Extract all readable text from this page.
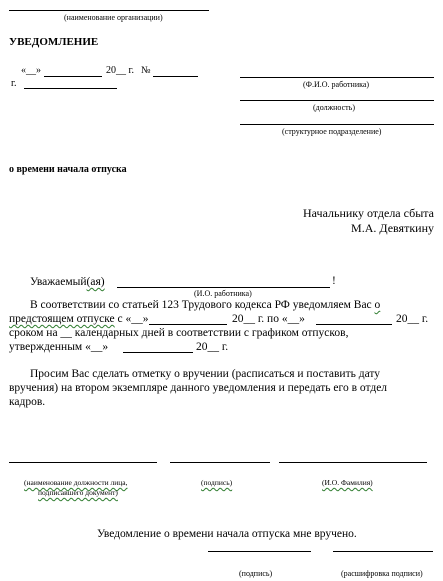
(наименование организации)
УВЕДОМЛЕНИЕ
«__»	20__ г. №
г.	(Ф.И.О. работника)
(должность)
(структурное подразделение)
о времени начала отпуска
Начальнику отдела сбыта
М.А. Девяткину
Уважаемый(ая)	!
(И.О. работника)
В соответствии со статьей 123 Трудового кодекса РФ уведомляем Вас о
предстоящем отпуске с «__»	20__ г. по «__»	20__ г.
сроком на __ календарных дней в соответствии с графиком отпусков,
утвержденным «__»	20__ г.
Просим Вас сделать отметку о вручении (расписаться и поставить дату
вручения) на втором экземпляре данного уведомления и передать его в отдел
кадров.
(наименование должности лица,
подписавшего документ)
(подпись)	(И.О. Фамилия)
Уведомление о времени начала отпуска мне вручено.
(подпись)	(расшифровка подписи)
